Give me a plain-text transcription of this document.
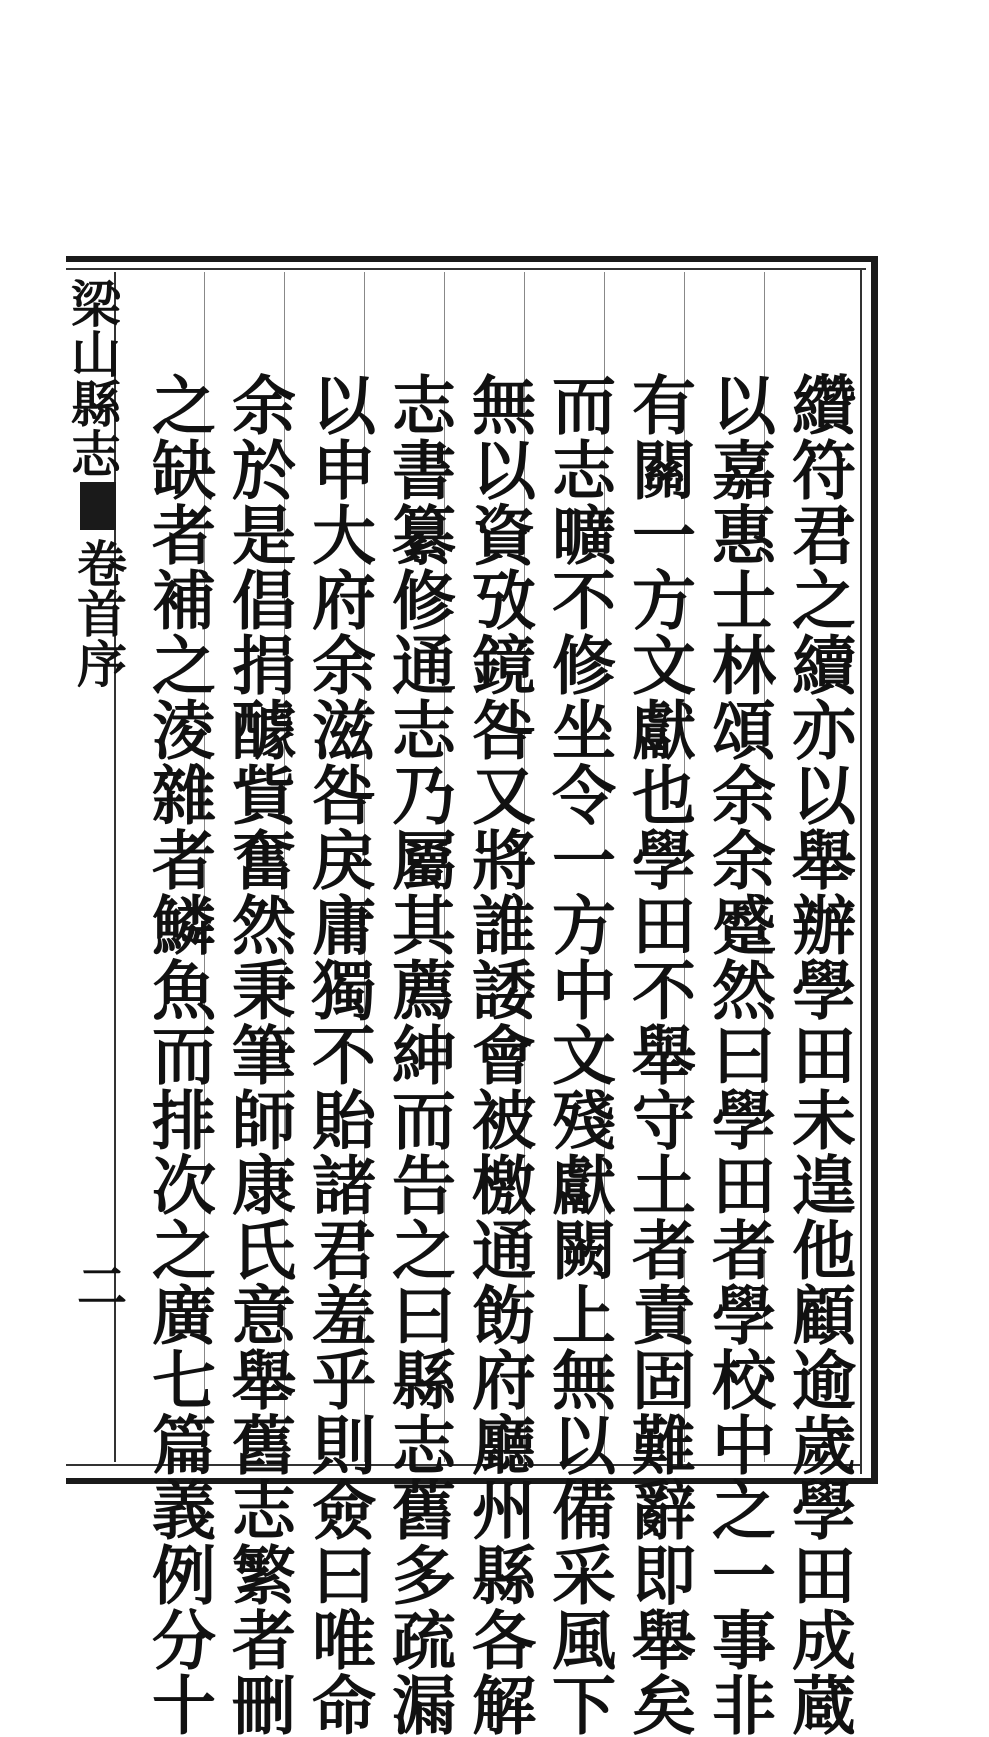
梁山縣志
卷首序
二	纘符君之續亦以舉辦學田未遑他顧逾歲學田成蔵
以嘉惠士林頌余余蹙然曰學田者學校中之一事非
有關一方文獻也學田不舉守土者責固難辭即舉矣
而志曠不修坐令一方中文殘獻闕上無以備采風下
無以資攷鏡咎又將誰諉會被檄通飭府廳州縣各解
志書纂修通志乃屬其薦紳而告之曰縣志舊多疏漏
以申大府余滋咎戾庸獨不貽諸君羞乎則僉曰唯命
余於是倡捐醵貲奮然秉筆師康氏意舉舊志繁者刪
之缺者補之淩雜者鱗魚而排次之廣七篇義例分十
